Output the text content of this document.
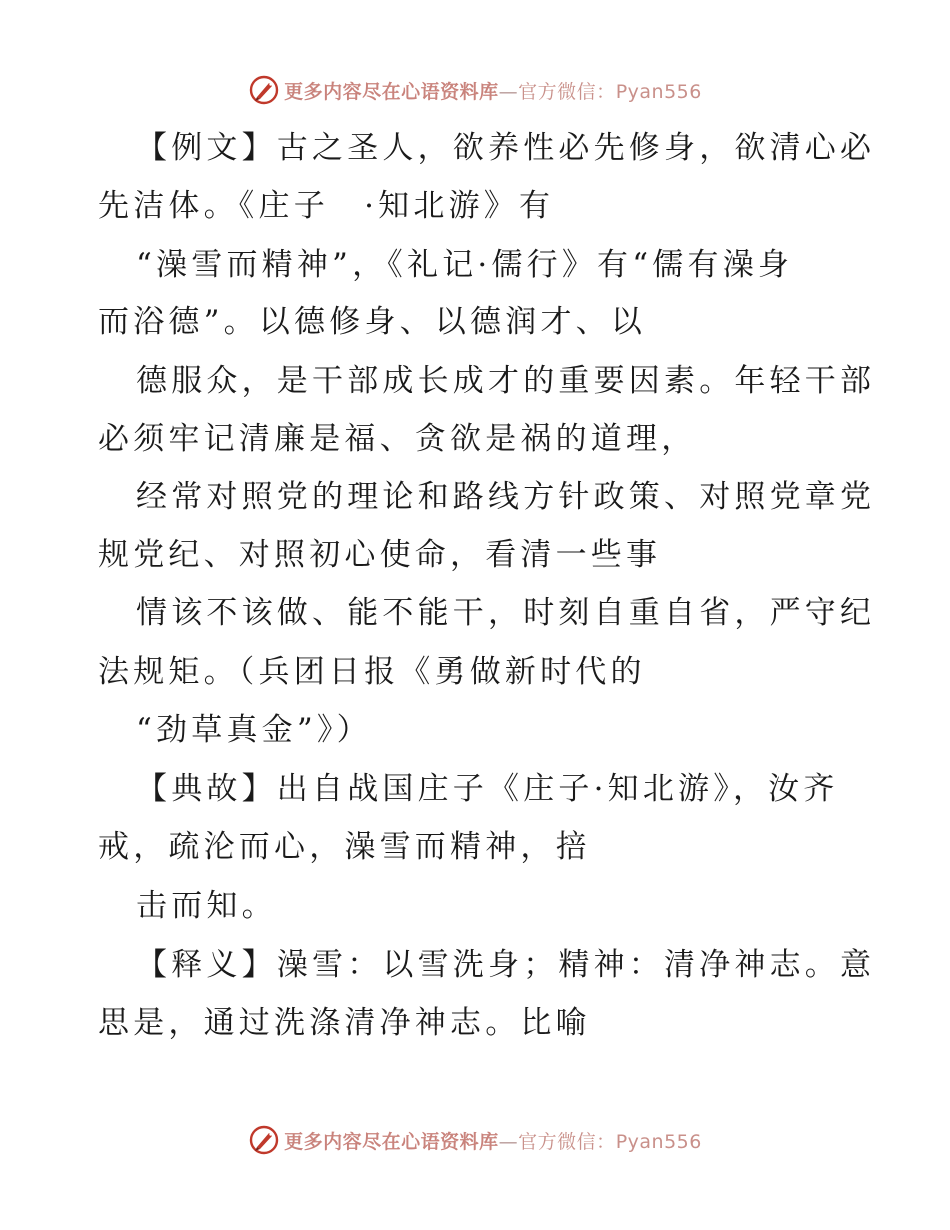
更多内容尽在心语资料库—官方微信：Pyan556
【例文】古之圣人，欲养性必先修身，欲清心必
先洁体。《庄子　·知北游》有
“澡雪而精神”，《礼记·儒行》有“儒有澡身
而浴德”。以德修身、以德润才、以
德服众，是干部成长成才的重要因素。年轻干部
必须牢记清廉是福、贪欲是祸的道理，
经常对照党的理论和路线方针政策、对照党章党
规党纪、对照初心使命，看清一些事
情该不该做、能不能干，时刻自重自省，严守纪
法规矩。（兵团日报《勇做新时代的
“劲草真金”》）
【典故】出自战国庄子《庄子·知北游》，汝齐
戒，疏沦而心，澡雪而精神，掊
击而知。
【释义】澡雪：以雪洗身；精神：清净神志。意
思是，通过洗涤清净神志。比喻
更多内容尽在心语资料库—官方微信：Pyan556
